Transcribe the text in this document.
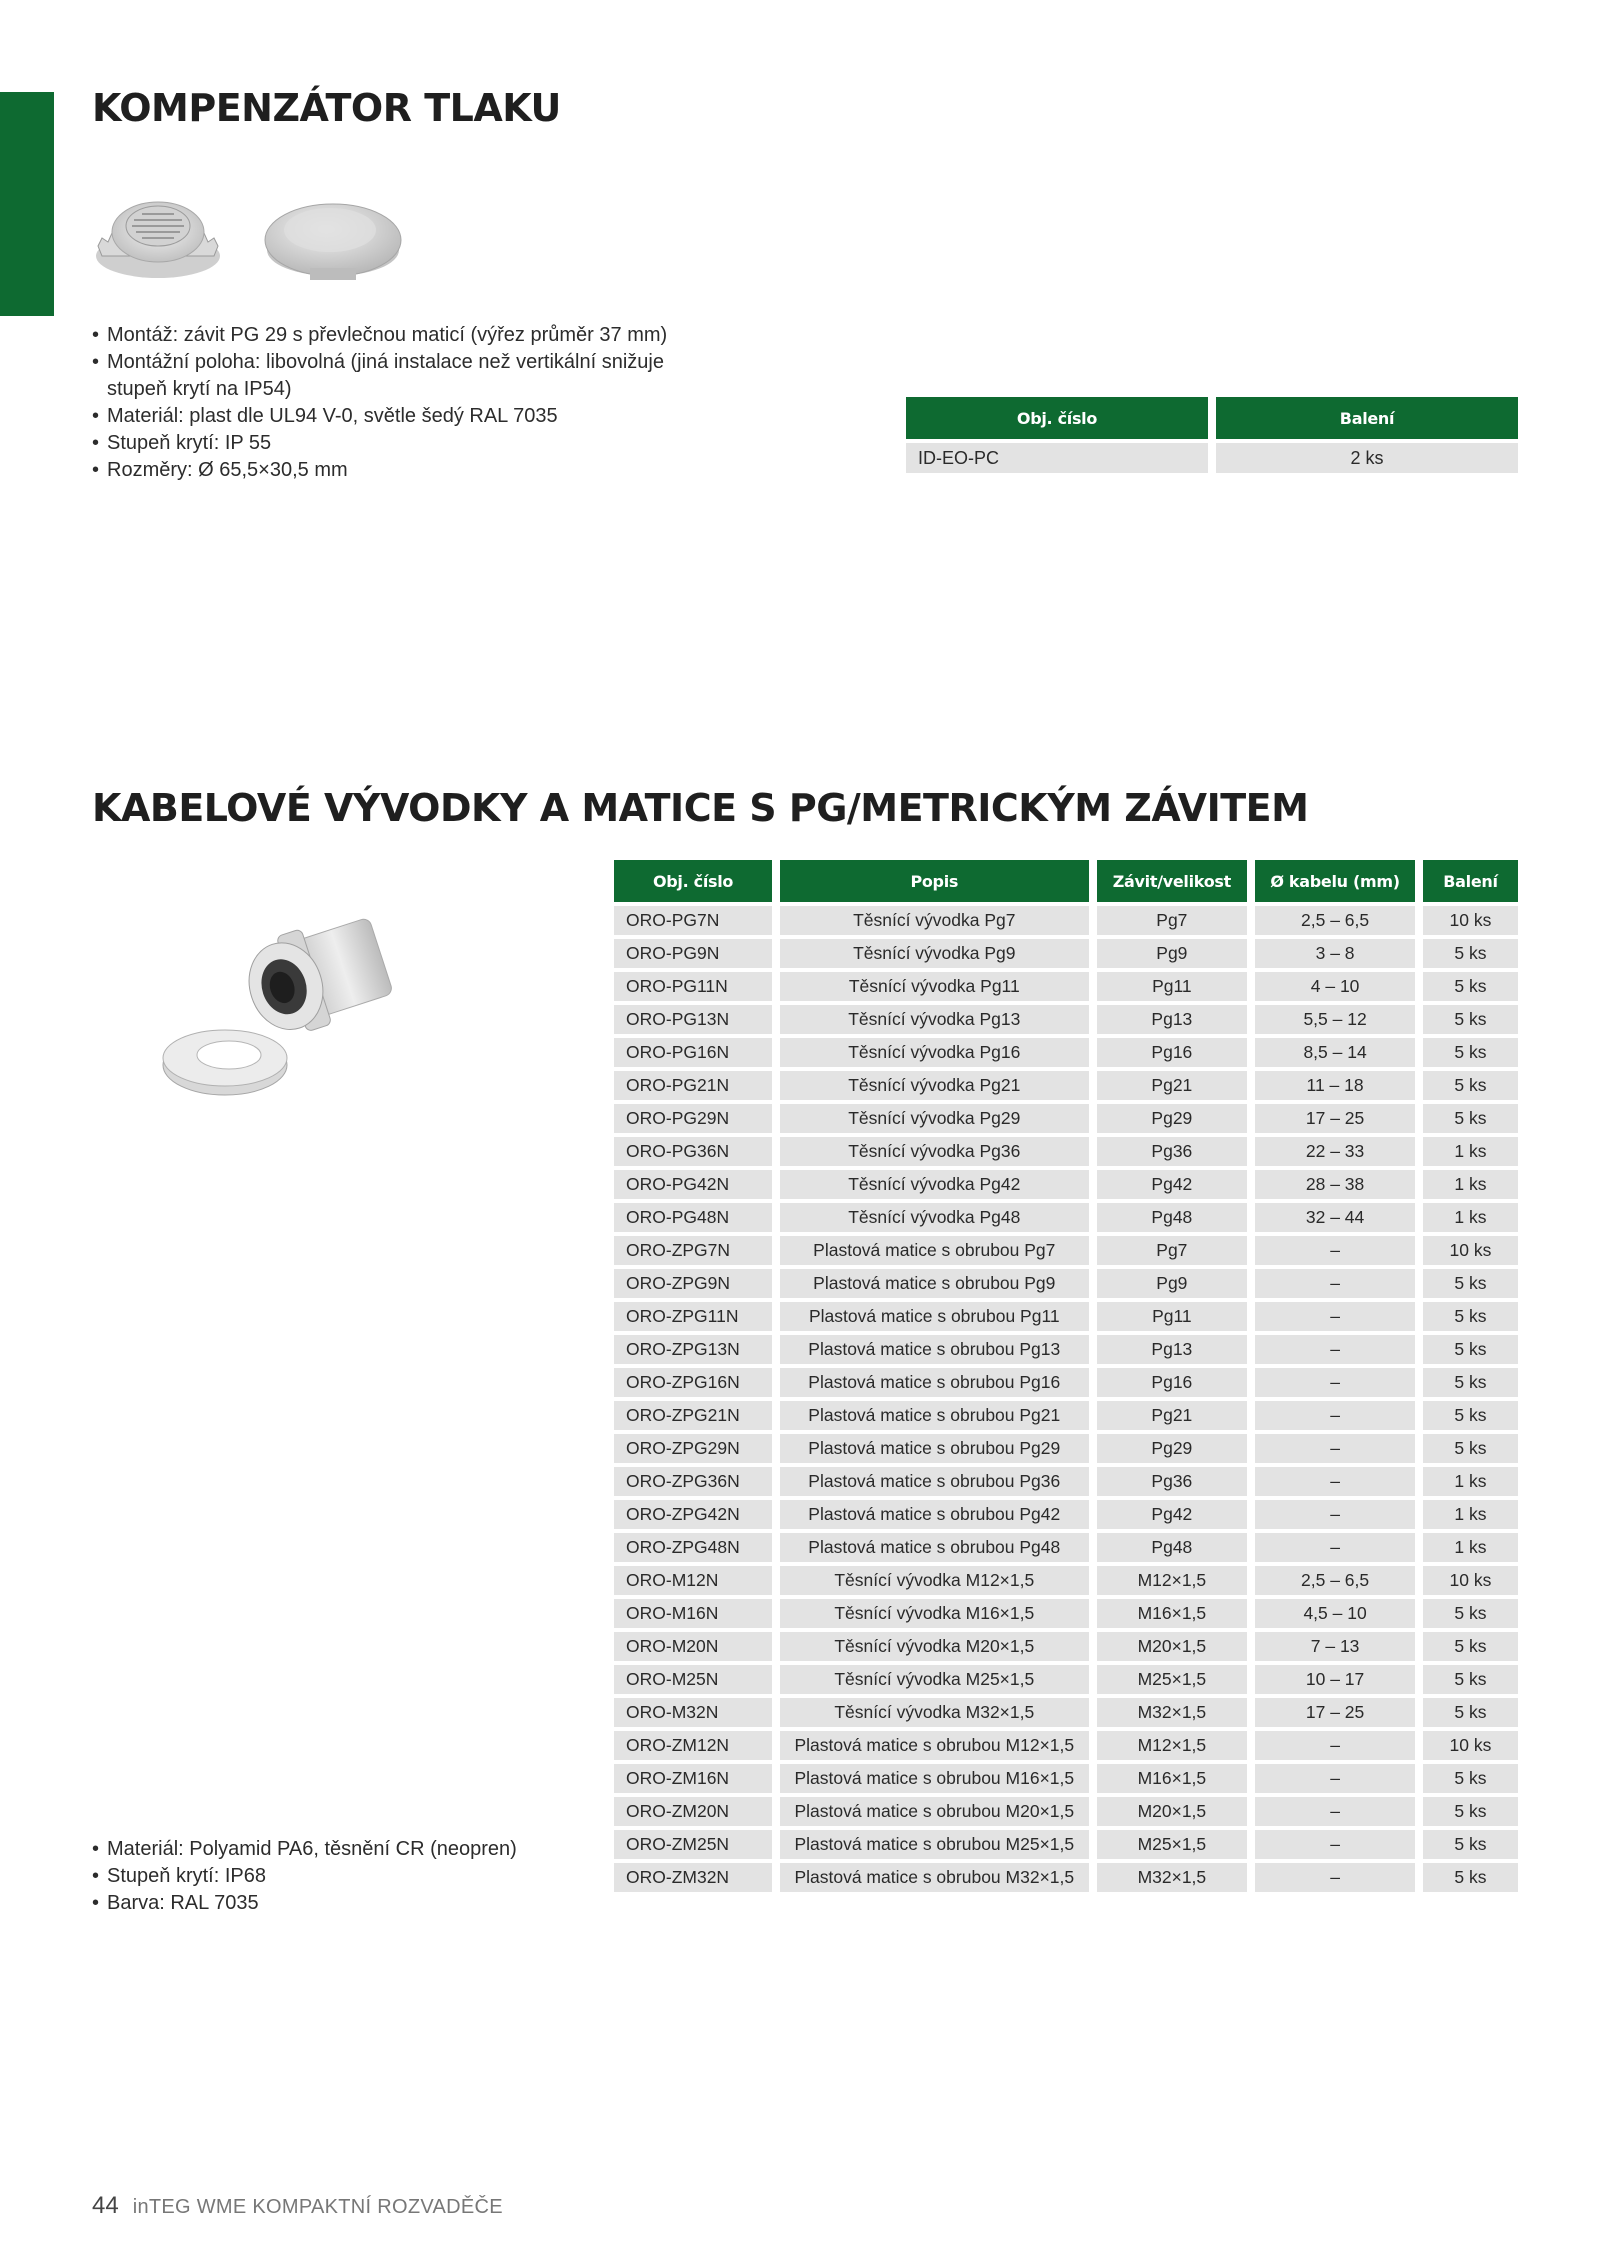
KOMPENZÁTOR TLAKU
• Montáž: závit PG 29 s převlečnou maticí (výřez průměr 37 mm)
• Montážní poloha: libovolná (jiná instalace než vertikální snižuje stupeň krytí na IP54)
• Materiál: plast dle UL94 V-0, světle šedý RAL 7035
• Stupeň krytí: IP 55
• Rozměry: Ø 65,5×30,5 mm
Obj. číslo	Balení
ID-EO-PC	2 ks
KABELOVÉ VÝVODKY A MATICE S PG/METRICKÝM ZÁVITEM
• Materiál: Polyamid PA6, těsnění CR (neopren)
• Stupeň krytí: IP68
• Barva: RAL 7035
Obj. číslo	Popis	Závit/velikost	Ø kabelu (mm)	Balení
ORO-PG7N	Těsnící vývodka Pg7	Pg7	2,5 – 6,5	10 ks
ORO-PG9N	Těsnící vývodka Pg9	Pg9	3 – 8	5 ks
ORO-PG11N	Těsnící vývodka Pg11	Pg11	4 – 10	5 ks
ORO-PG13N	Těsnící vývodka Pg13	Pg13	5,5 – 12	5 ks
ORO-PG16N	Těsnící vývodka Pg16	Pg16	8,5 – 14	5 ks
ORO-PG21N	Těsnící vývodka Pg21	Pg21	11 – 18	5 ks
ORO-PG29N	Těsnící vývodka Pg29	Pg29	17 – 25	5 ks
ORO-PG36N	Těsnící vývodka Pg36	Pg36	22 – 33	1 ks
ORO-PG42N	Těsnící vývodka Pg42	Pg42	28 – 38	1 ks
ORO-PG48N	Těsnící vývodka Pg48	Pg48	32 – 44	1 ks
ORO-ZPG7N	Plastová matice s obrubou Pg7	Pg7	–	10 ks
ORO-ZPG9N	Plastová matice s obrubou Pg9	Pg9	–	5 ks
ORO-ZPG11N	Plastová matice s obrubou Pg11	Pg11	–	5 ks
ORO-ZPG13N	Plastová matice s obrubou Pg13	Pg13	–	5 ks
ORO-ZPG16N	Plastová matice s obrubou Pg16	Pg16	–	5 ks
ORO-ZPG21N	Plastová matice s obrubou Pg21	Pg21	–	5 ks
ORO-ZPG29N	Plastová matice s obrubou Pg29	Pg29	–	5 ks
ORO-ZPG36N	Plastová matice s obrubou Pg36	Pg36	–	1 ks
ORO-ZPG42N	Plastová matice s obrubou Pg42	Pg42	–	1 ks
ORO-ZPG48N	Plastová matice s obrubou Pg48	Pg48	–	1 ks
ORO-M12N	Těsnící vývodka M12×1,5	M12×1,5	2,5 – 6,5	10 ks
ORO-M16N	Těsnící vývodka M16×1,5	M16×1,5	4,5 – 10	5 ks
ORO-M20N	Těsnící vývodka M20×1,5	M20×1,5	7 – 13	5 ks
ORO-M25N	Těsnící vývodka M25×1,5	M25×1,5	10 – 17	5 ks
ORO-M32N	Těsnící vývodka M32×1,5	M32×1,5	17 – 25	5 ks
ORO-ZM12N	Plastová matice s obrubou M12×1,5	M12×1,5	–	10 ks
ORO-ZM16N	Plastová matice s obrubou M16×1,5	M16×1,5	–	5 ks
ORO-ZM20N	Plastová matice s obrubou M20×1,5	M20×1,5	–	5 ks
ORO-ZM25N	Plastová matice s obrubou M25×1,5	M25×1,5	–	5 ks
ORO-ZM32N	Plastová matice s obrubou M32×1,5	M32×1,5	–	5 ks
44 inTEG WME KOMPAKTNÍ ROZVADĚČE
